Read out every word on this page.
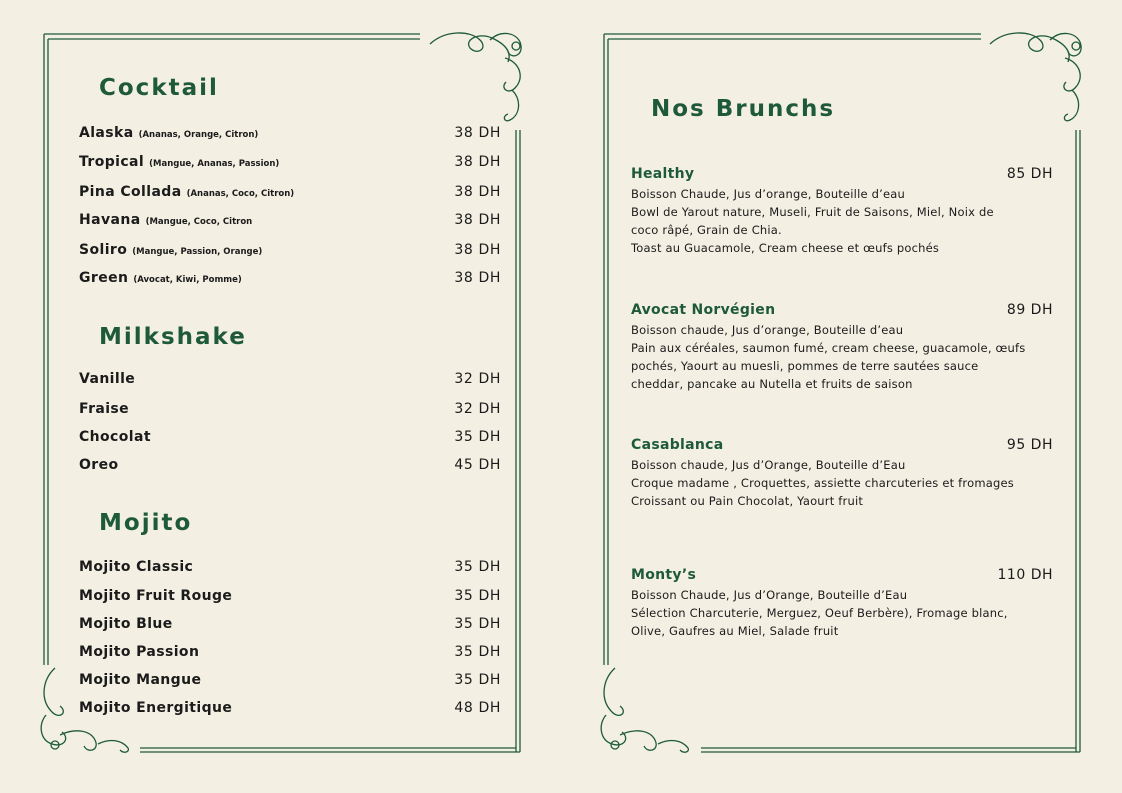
Cocktail
Alaska (Ananas, Orange, Citron)	38 DH
Tropical (Mangue, Ananas, Passion)	38 DH
Pina Collada (Ananas, Coco, Citron)	38 DH
Havana (Mangue, Coco, Citron	38 DH
Soliro (Mangue, Passion, Orange)	38 DH
Green (Avocat, Kiwi, Pomme)	38 DH
Milkshake
Vanille	32 DH
Fraise	32 DH
Chocolat	35 DH
Oreo	45 DH
Mojito
Mojito Classic	35 DH
Mojito Fruit Rouge	35 DH
Mojito Blue	35 DH
Mojito Passion	35 DH
Mojito Mangue	35 DH
Mojito Energitique	48 DH
Nos Brunchs
Healthy	85 DH
Boisson Chaude, Jus d’orange, Bouteille d’eau
Bowl de Yarout nature, Museli, Fruit de Saisons, Miel, Noix de
coco râpé, Grain de Chia.
Toast au Guacamole, Cream cheese et œufs pochés
Avocat Norvégien	89 DH
Boisson chaude, Jus d’orange, Bouteille d’eau
Pain aux céréales, saumon fumé, cream cheese, guacamole, œufs
pochés, Yaourt au muesli, pommes de terre sautées sauce
cheddar, pancake au Nutella et fruits de saison
Casablanca	95 DH
Boisson chaude, Jus d’Orange, Bouteille d’Eau
Croque madame , Croquettes, assiette charcuteries et fromages
Croissant ou Pain Chocolat, Yaourt fruit
Monty’s	110 DH
Boisson Chaude, Jus d’Orange, Bouteille d’Eau
Sélection Charcuterie, Merguez, Oeuf Berbère), Fromage blanc,
Olive, Gaufres au Miel, Salade fruit
